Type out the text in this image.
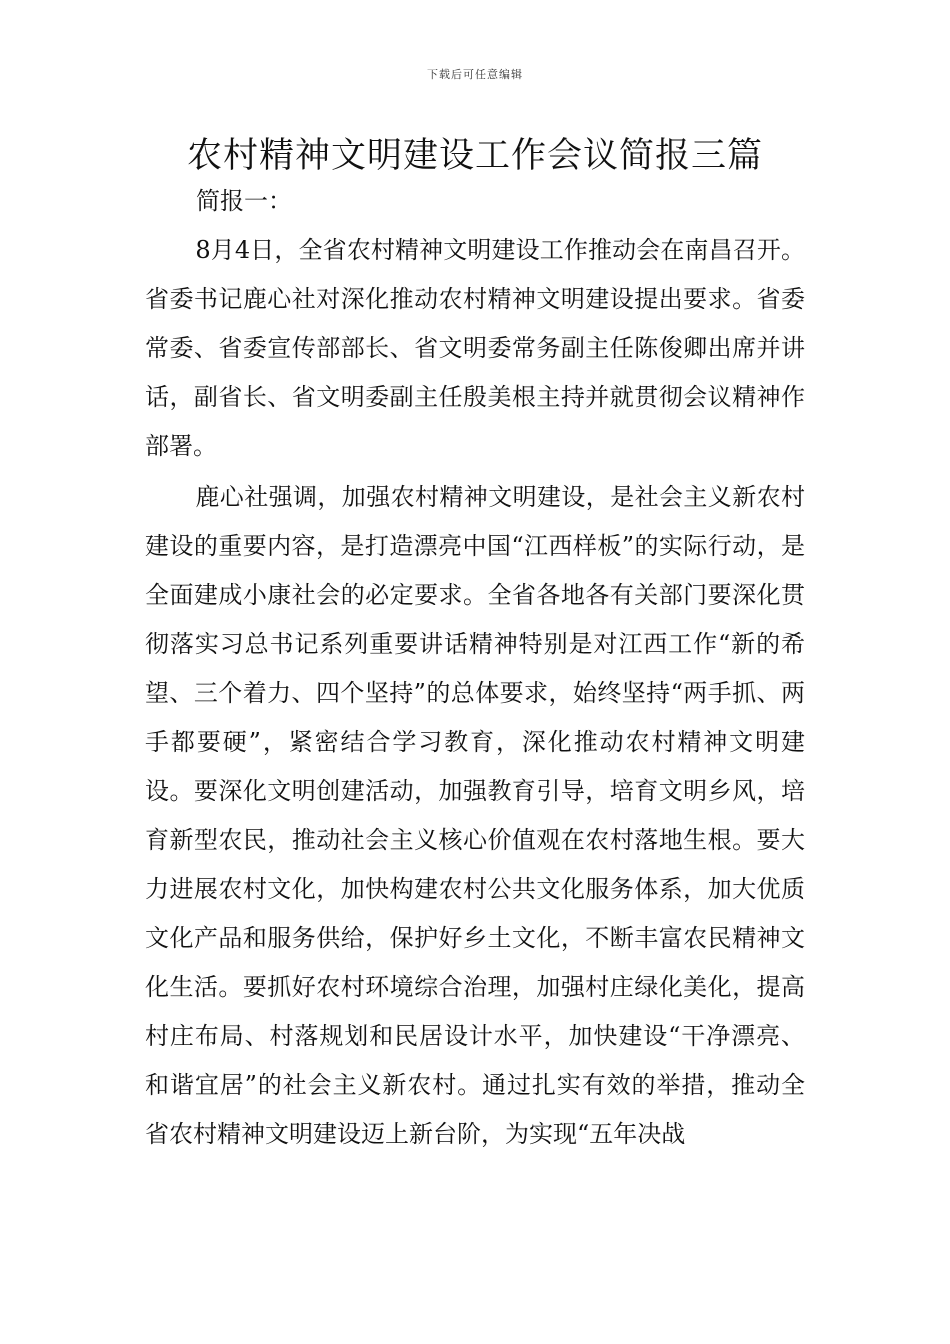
下载后可任意编辑
农村精神文明建设工作会议简报三篇
简报一：

8月4日，全省农村精神文明建设工作推动会在南昌召开。省委书记鹿心社对深化推动农村精神文明建设提出要求。省委常委、省委宣传部部长、省文明委常务副主任陈俊卿出席并讲话，副省长、省文明委副主任殷美根主持并就贯彻会议精神作部署。

鹿心社强调，加强农村精神文明建设，是社会主义新农村建设的重要内容，是打造漂亮中国“江西样板”的实际行动，是全面建成小康社会的必定要求。全省各地各有关部门要深化贯彻落实习总书记系列重要讲话精神特别是对江西工作“新的希望、三个着力、四个坚持”的总体要求，始终坚持“两手抓、两手都要硬”，紧密结合学习教育，深化推动农村精神文明建设。要深化文明创建活动，加强教育引导，培育文明乡风，培育新型农民，推动社会主义核心价值观在农村落地生根。要大力进展农村文化，加快构建农村公共文化服务体系，加大优质文化产品和服务供给，保护好乡土文化，不断丰富农民精神文化生活。要抓好农村环境综合治理，加强村庄绿化美化，提高村庄布局、村落规划和民居设计水平，加快建设“干净漂亮、和谐宜居”的社会主义新农村。通过扎实有效的举措，推动全省农村精神文明建设迈上新台阶，为实现“五年决战
